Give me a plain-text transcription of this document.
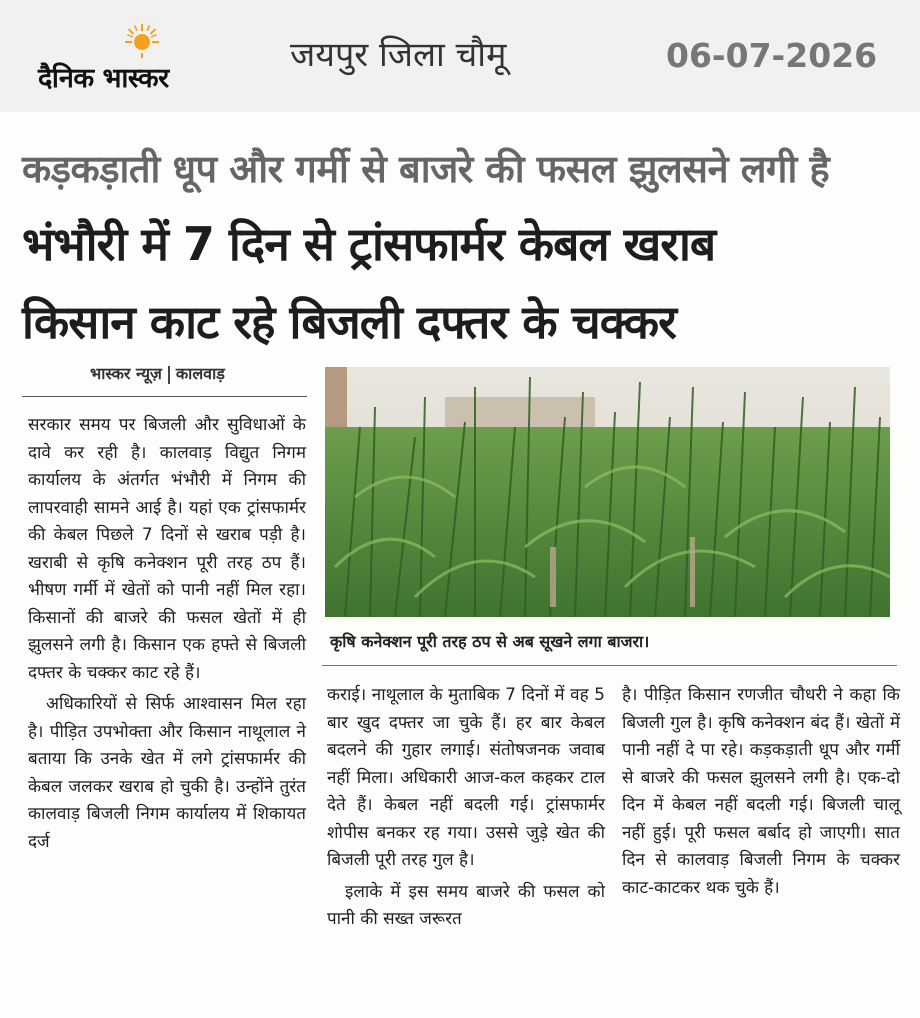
दैनिक भास्कर
जयपुर जिला चौमू	06-07-2026
कड़कड़ाती धूप और गर्मी से बाजरे की फसल झुलसने लगी है
भंभौरी में 7 दिन से ट्रांसफार्मर केबल खराब
किसान काट रहे बिजली दफ्तर के चक्कर
भास्कर न्यूज़ कालवाड़
कृषि कनेक्शन पूरी तरह ठप से अब सूखने लगा बाजरा।

सरकार समय पर बिजली और सुविधाओं के दावे कर रही है। कालवाड़ विद्युत निगम कार्यालय के अंतर्गत भंभौरी में निगम की लापरवाही सामने आई है। यहां एक ट्रांसफार्मर की केबल पिछले 7 दिनों से खराब पड़ी है। खराबी से कृषि कनेक्शन पूरी तरह ठप हैं। भीषण गर्मी में खेतों को पानी नहीं मिल रहा। किसानों की बाजरे की फसल खेतों में ही झुलसने लगी है। किसान एक हफ्ते से बिजली दफ्तर के चक्कर काट रहे हैं।

अधिकारियों से सिर्फ आश्वासन मिल रहा है। पीड़ित उपभोक्ता और किसान नाथूलाल ने बताया कि उनके खेत में लगे ट्रांसफार्मर की केबल जलकर खराब हो चुकी है। उन्होंने तुरंत कालवाड़ बिजली निगम कार्यालय में शिकायत दर्ज

कराई। नाथूलाल के मुताबिक 7 दिनों में वह 5 बार खुद दफ्तर जा चुके हैं। हर बार केबल बदलने की गुहार लगाई। संतोषजनक जवाब नहीं मिला। अधिकारी आज-कल कहकर टाल देते हैं। केबल नहीं बदली गई। ट्रांसफार्मर शोपीस बनकर रह गया। उससे जुड़े खेत की बिजली पूरी तरह गुल है।

इलाके में इस समय बाजरे की फसल को पानी की सख्त जरूरत

है। पीड़ित किसान रणजीत चौधरी ने कहा कि बिजली गुल है। कृषि कनेक्शन बंद हैं। खेतों में पानी नहीं दे पा रहे। कड़कड़ाती धूप और गर्मी से बाजरे की फसल झुलसने लगी है। एक-दो दिन में केबल नहीं बदली गई। बिजली चालू नहीं हुई। पूरी फसल बर्बाद हो जाएगी। सात दिन से कालवाड़ बिजली निगम के चक्कर काट-काटकर थक चुके हैं।
